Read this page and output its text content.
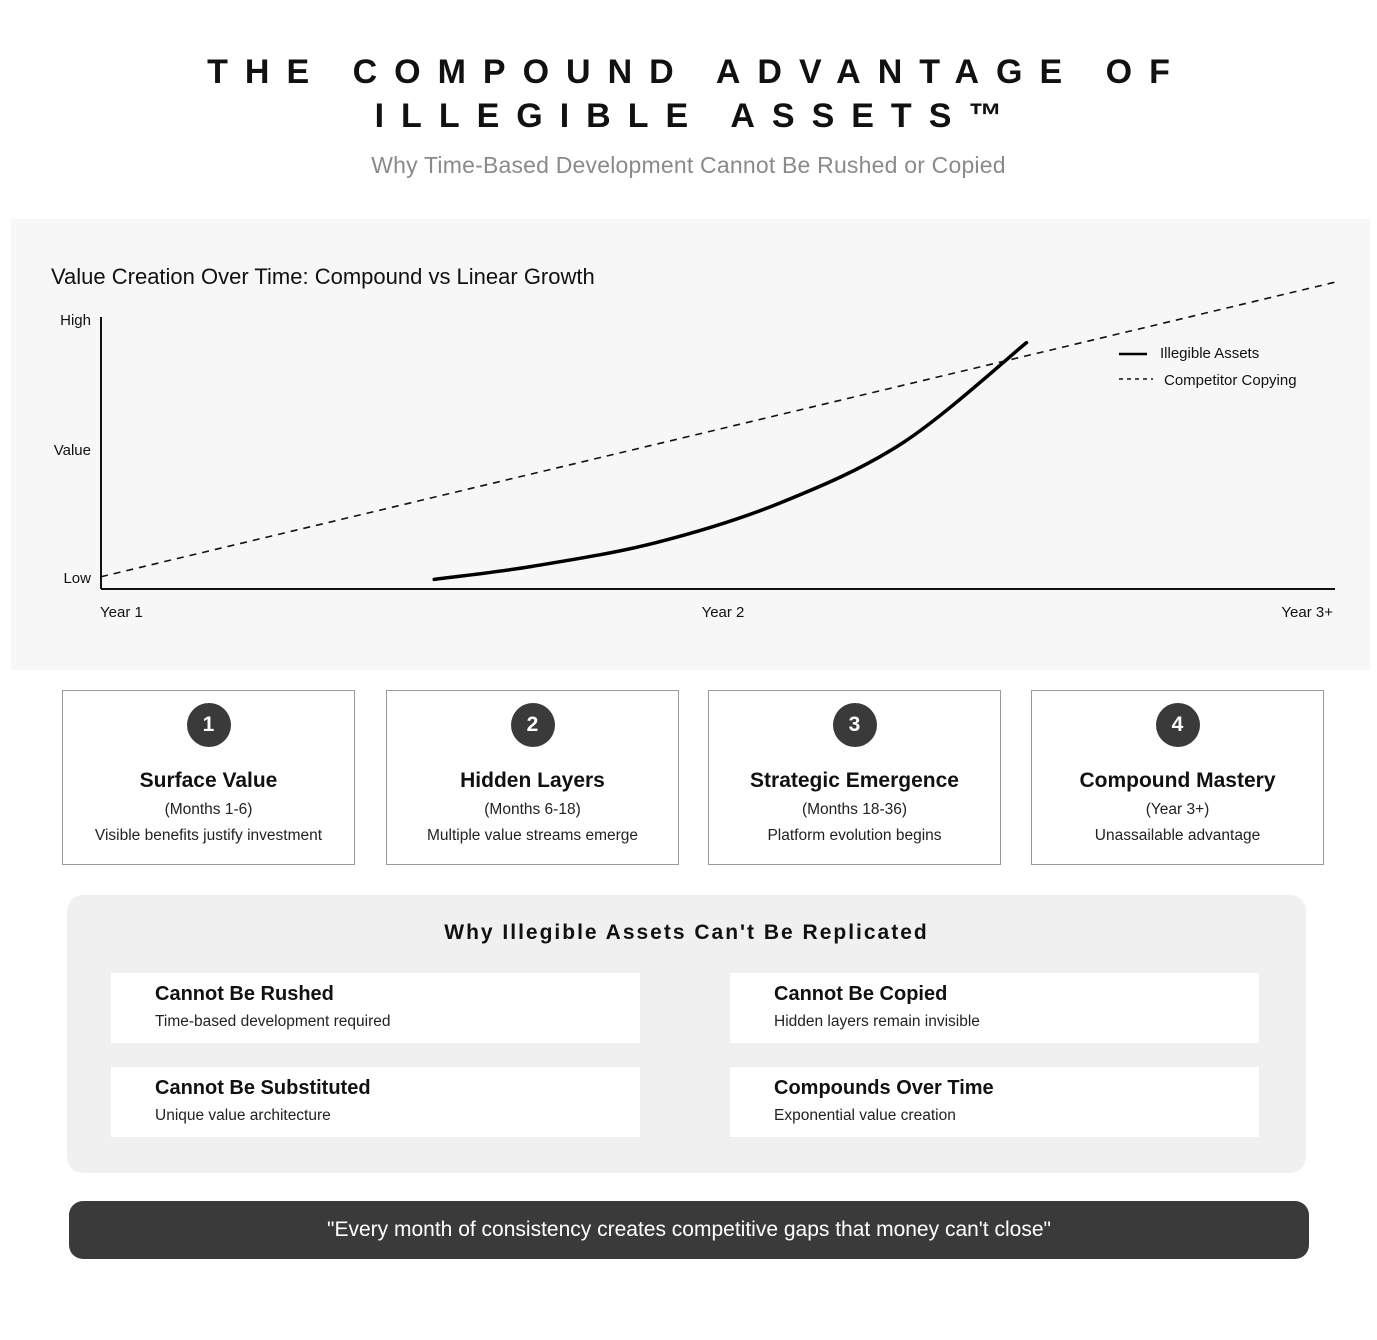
THE COMPOUND ADVANTAGE OF
ILLEGIBLE ASSETS™
Why Time-Based Development Cannot Be Rushed or Copied
Value Creation Over Time: Compound vs Linear Growth
High
Value
Low
Year 1	Year 2	Year 3+
Illegible Assets
Competitor Copying
1
Surface Value
(Months 1-6)
Visible benefits justify investment
2
Hidden Layers
(Months 6-18)
Multiple value streams emerge
3
Strategic Emergence
(Months 18-36)
Platform evolution begins
4
Compound Mastery
(Year 3+)
Unassailable advantage
Why Illegible Assets Can't Be Replicated
Cannot Be Rushed
Time-based development required
Cannot Be Copied
Hidden layers remain invisible
Cannot Be Substituted
Unique value architecture
Compounds Over Time
Exponential value creation
"Every month of consistency creates competitive gaps that money can't close"
